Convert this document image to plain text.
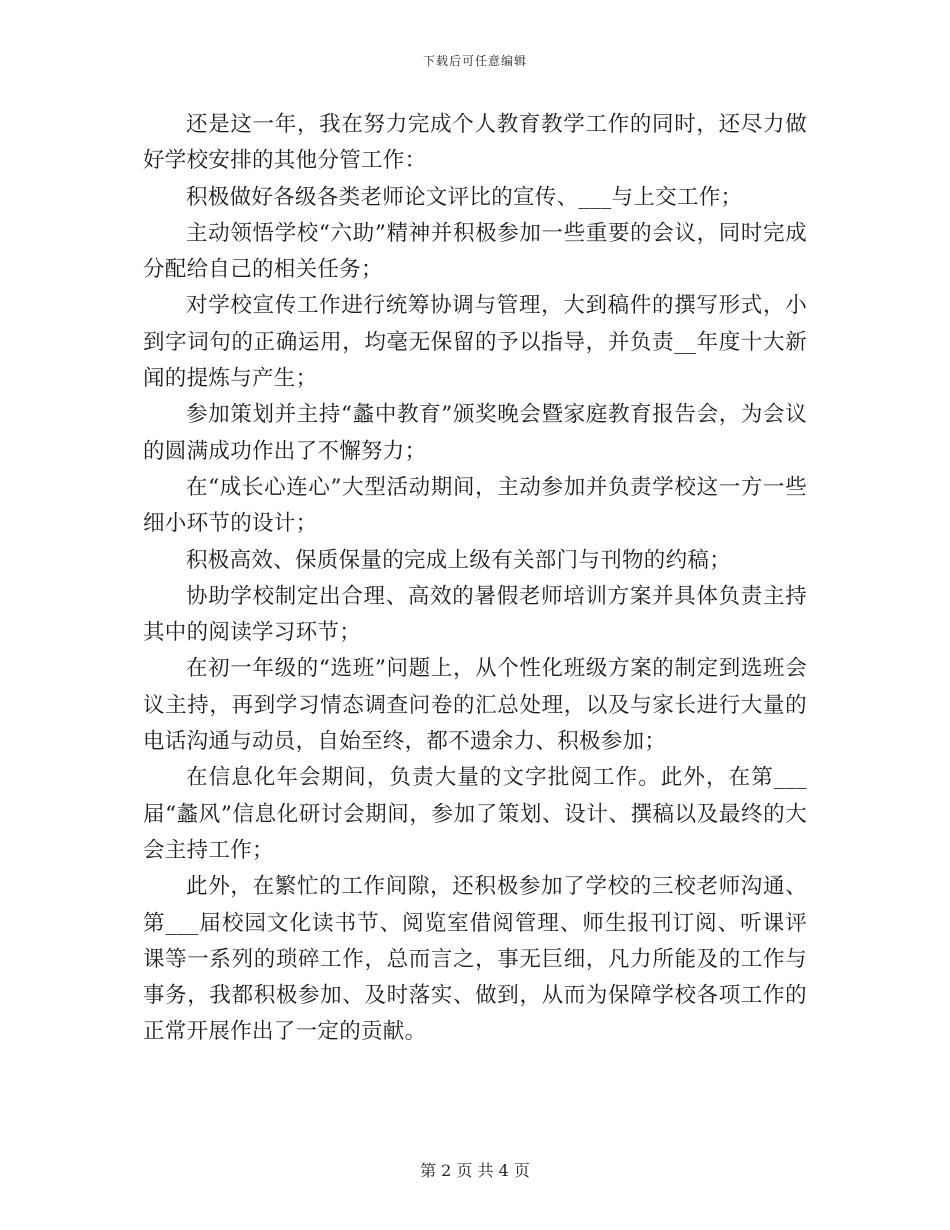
下载后可任意编辑

还是这一年，我在努力完成个人教育教学工作的同时，还尽力做好学校安排的其他分管工作：

积极做好各级各类老师论文评比的宣传、___与上交工作；

主动领悟学校“六助”精神并积极参加一些重要的会议，同时完成分配给自己的相关任务；

对学校宣传工作进行统筹协调与管理，大到稿件的撰写形式，小到字词句的正确运用，均毫无保留的予以指导，并负责__年度十大新闻的提炼与产生；

参加策划并主持“蠡中教育”颁奖晚会暨家庭教育报告会，为会议的圆满成功作出了不懈努力；

在“成长心连心”大型活动期间，主动参加并负责学校这一方一些细小环节的设计；

积极高效、保质保量的完成上级有关部门与刊物的约稿；

协助学校制定出合理、高效的暑假老师培训方案并具体负责主持其中的阅读学习环节；

在初一年级的“选班”问题上，从个性化班级方案的制定到选班会议主持，再到学习情态调查问卷的汇总处理，以及与家长进行大量的电话沟通与动员，自始至终，都不遗余力、积极参加；

在信息化年会期间，负责大量的文字批阅工作。此外，在第___届“蠡风”信息化研讨会期间，参加了策划、设计、撰稿以及最终的大会主持工作；

此外，在繁忙的工作间隙，还积极参加了学校的三校老师沟通、第___届校园文化读书节、阅览室借阅管理、师生报刊订阅、听课评课等一系列的琐碎工作，总而言之，事无巨细，凡力所能及的工作与事务，我都积极参加、及时落实、做到，从而为保障学校各项工作的正常开展作出了一定的贡献。

第 2 页 共 4 页
